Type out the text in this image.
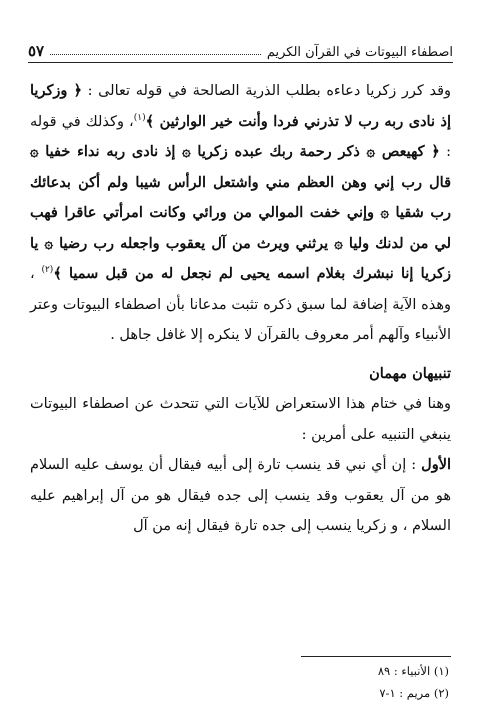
اصطفاء البيوتات في القرآن الكريم
٥٧

وقد كرر زكريا دعاءه بطلب الذرية الصالحة في قوله تعالى : ﴿ وزكريا إذ نادى ربه رب لا تذرني فردا وأنت خير الوارثين ﴾$^{(١)}$، وكذلك في قوله : ﴿ كهيعص ۞ ذكر رحمة ربك عبده زكريا ۞ إذ نادى ربه نداء خفيا ۞ قال رب إني وهن العظم مني واشتعل الرأس شيبا ولم أكن بدعائك رب شقيا ۞ وإني خفت الموالي من ورائي وكانت امرأتي عاقرا فهب لي من لدنك وليا ۞ يرثني ويرث من آل يعقوب واجعله رب رضيا ۞ يا زكريا إنا نبشرك بغلام اسمه يحيى لم نجعل له من قبل سميا ﴾$^{(٢)}$ ، وهذه الآية إضافة لما سبق ذكره تثبت مدعانا بأن اصطفاء البيوتات وعتر الأنبياء وآلهم أمر معروف بالقرآن لا ينكره إلا غافل جاهل .

تنبيهان مهمان

وهنا في ختام هذا الاستعراض للآيات التي تتحدث عن اصطفاء البيوتات ينبغي التنبيه على أمرين :

الأول : إن أي نبي قد ينسب تارة إلى أبيه فيقال أن يوسف عليه السلام هو من آل يعقوب وقد ينسب إلى جده فيقال هو من آل إبراهيم عليه السلام ، و زكريا ينسب إلى جده تارة فيقال إنه من آل

(١) الأنبياء : ٨٩
(٢) مريم : ١-٧
